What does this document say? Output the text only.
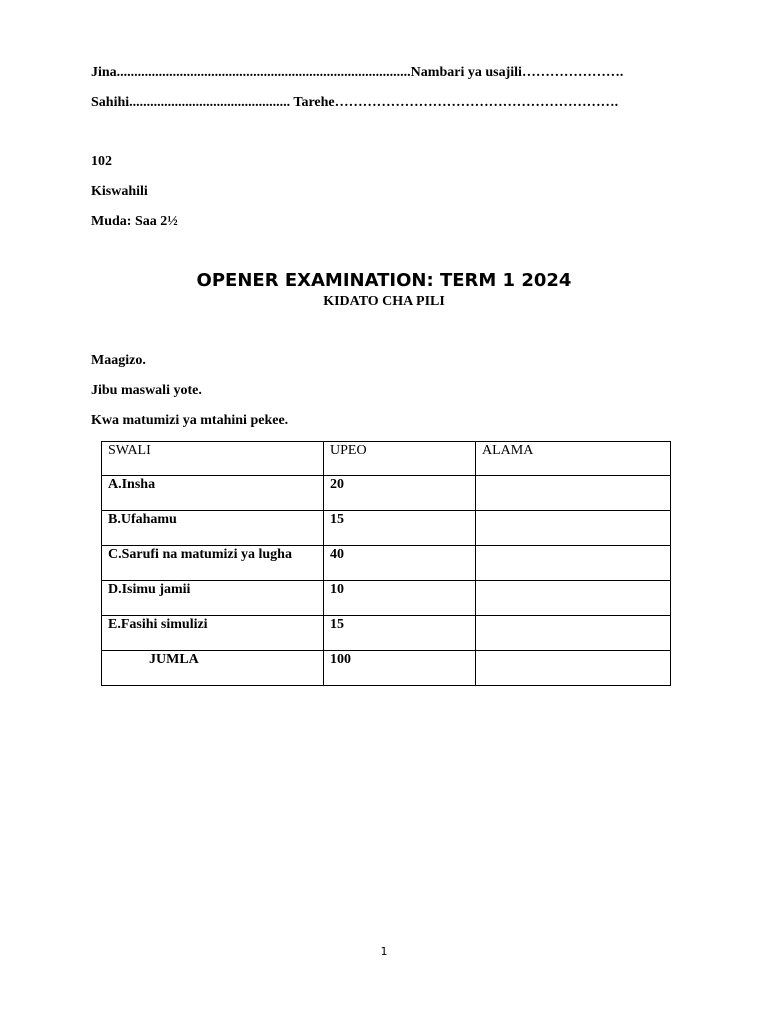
Jina....................................................................................Nambari ya usajili………………….
Sahihi.............................................. Tarehe…………………………………………………….
102
Kiswahili
Muda: Saa 2½
OPENER EXAMINATION: TERM 1 2024
KIDATO CHA PILI
Maagizo.
Jibu maswali yote.
Kwa matumizi ya mtahini pekee.
SWALI	UPEO	ALAMA
A.Insha	20	
B.Ufahamu	15	
C.Sarufi na matumizi ya lugha	40	
D.Isimu jamii	10	
E.Fasihi simulizi	15	
JUMLA	100	
1
